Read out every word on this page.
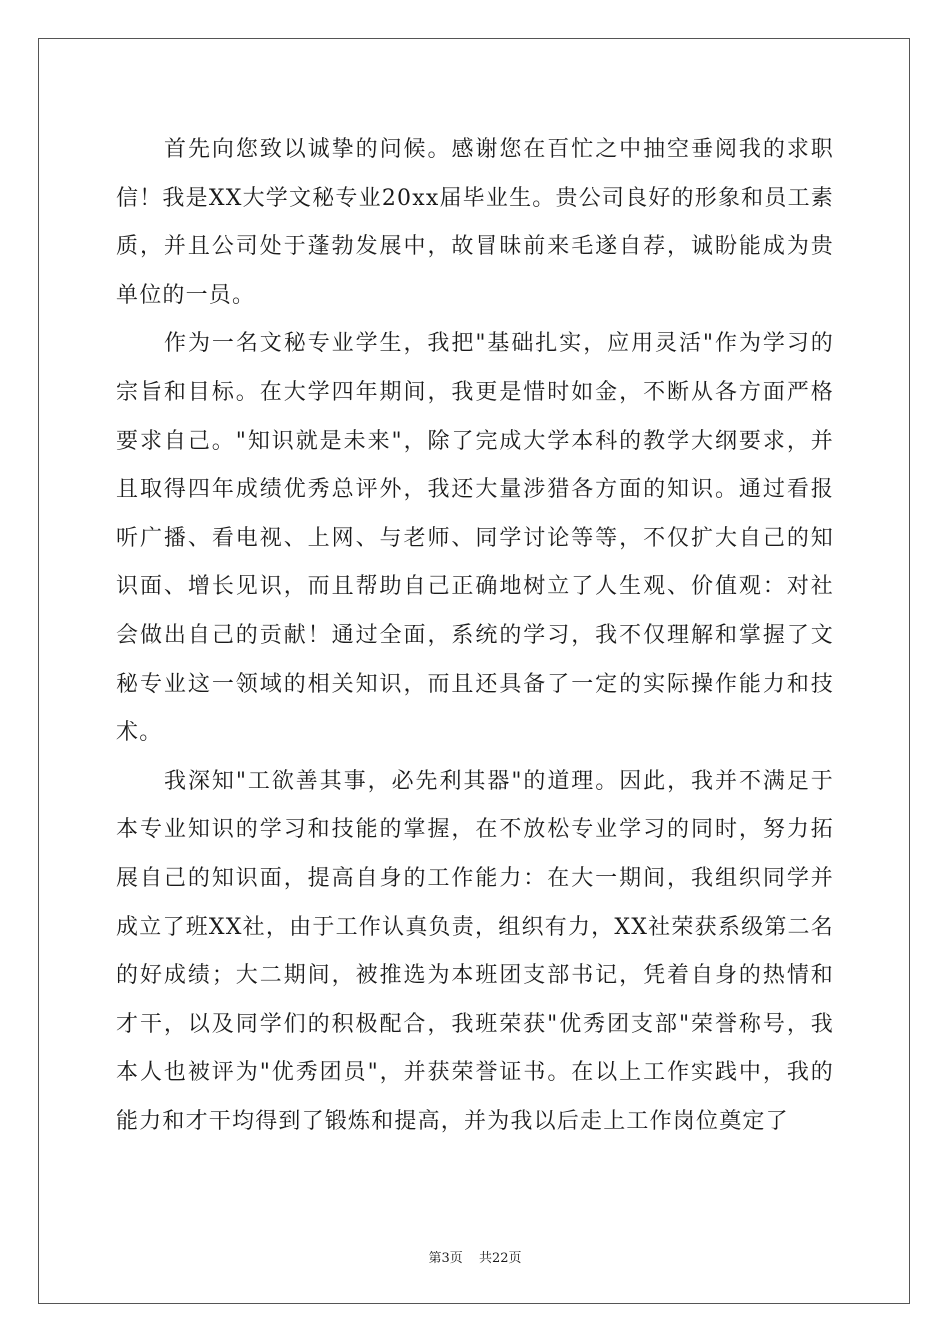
首先向您致以诚挚的问候。感谢您在百忙之中抽空垂阅我的求职信！我是XX大学文秘专业20xx届毕业生。贵公司良好的形象和员工素质，并且公司处于蓬勃发展中，故冒昧前来毛遂自荐，诚盼能成为贵单位的一员。

作为一名文秘专业学生，我把"基础扎实，应用灵活"作为学习的宗旨和目标。在大学四年期间，我更是惜时如金，不断从各方面严格要求自己。"知识就是未来"，除了完成大学本科的教学大纲要求，并且取得四年成绩优秀总评外，我还大量涉猎各方面的知识。通过看报听广播、看电视、上网、与老师、同学讨论等等，不仅扩大自己的知识面、增长见识，而且帮助自己正确地树立了人生观、价值观：对社会做出自己的贡献！通过全面，系统的学习，我不仅理解和掌握了文秘专业这一领域的相关知识，而且还具备了一定的实际操作能力和技术。

我深知"工欲善其事，必先利其器"的道理。因此，我并不满足于本专业知识的学习和技能的掌握，在不放松专业学习的同时，努力拓展自己的知识面，提高自身的工作能力：在大一期间，我组织同学并成立了班XX社，由于工作认真负责，组织有力，XX社荣获系级第二名的好成绩；大二期间，被推选为本班团支部书记，凭着自身的热情和才干，以及同学们的积极配合，我班荣获"优秀团支部"荣誉称号，我本人也被评为"优秀团员"，并获荣誉证书。在以上工作实践中，我的能力和才干均得到了锻炼和提高，并为我以后走上工作岗位奠定了

第3页 共22页
